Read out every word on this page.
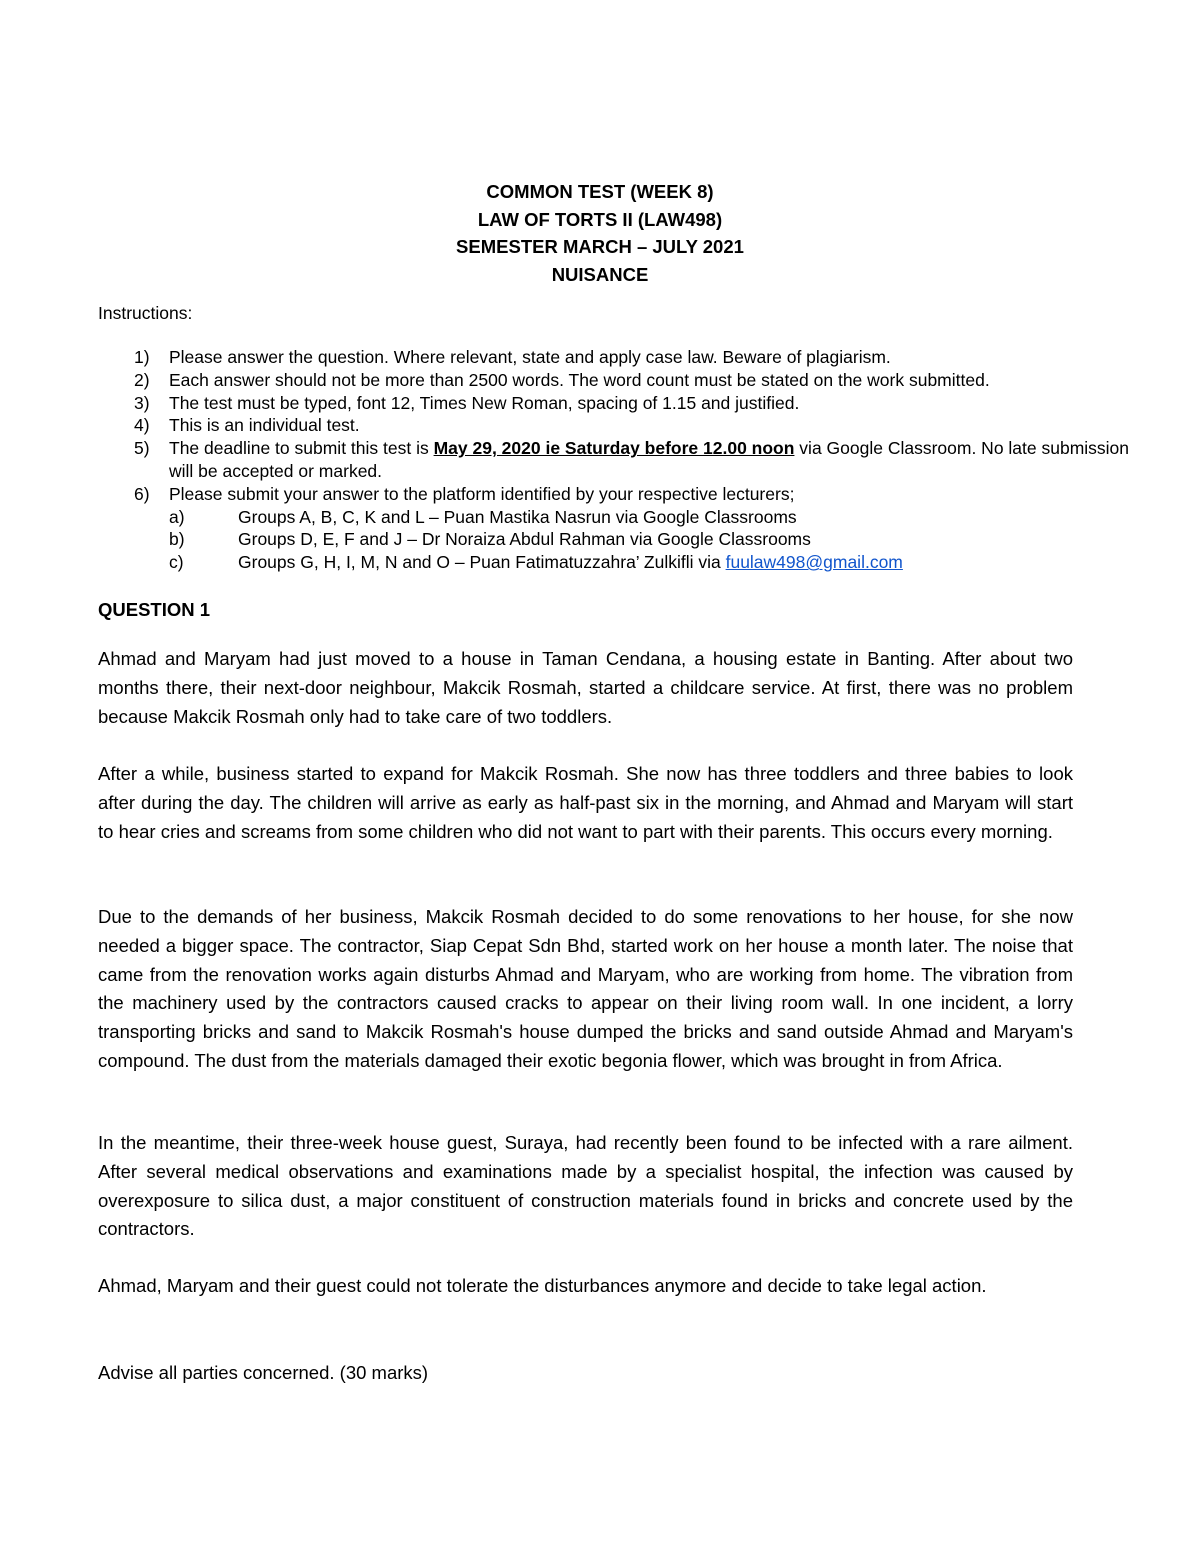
COMMON TEST (WEEK 8)
LAW OF TORTS II (LAW498)
SEMESTER MARCH – JULY 2021
NUISANCE
Instructions:
1)	Please answer the question. Where relevant, state and apply case law. Beware of plagiarism.
2)	Each answer should not be more than 2500 words. The word count must be stated on the work submitted.
3)	The test must be typed, font 12, Times New Roman, spacing of 1.15 and justified.
4)	This is an individual test.
5)	The deadline to submit this test is May 29, 2020 ie Saturday before 12.00 noon via Google Classroom. No late submission will be accepted or marked.
6)	Please submit your answer to the platform identified by your respective lecturers;
a)	Groups A, B, C, K and L – Puan Mastika Nasrun via Google Classrooms
b)	Groups D, E, F and J – Dr Noraiza Abdul Rahman via Google Classrooms
c)	Groups G, H, I, M, N and O – Puan Fatimatuzzahra’ Zulkifli via fuulaw498@gmail.com
QUESTION 1
Ahmad and Maryam had just moved to a house in Taman Cendana, a housing estate in Banting. After about two months there, their next-door neighbour, Makcik Rosmah, started a childcare service. At first, there was no problem because Makcik Rosmah only had to take care of two toddlers.
After a while, business started to expand for Makcik Rosmah. She now has three toddlers and three babies to look after during the day. The children will arrive as early as half-past six in the morning, and Ahmad and Maryam will start to hear cries and screams from some children who did not want to part with their parents. This occurs every morning.
Due to the demands of her business, Makcik Rosmah decided to do some renovations to her house, for she now needed a bigger space. The contractor, Siap Cepat Sdn Bhd, started work on her house a month later. The noise that came from the renovation works again disturbs Ahmad and Maryam, who are working from home. The vibration from the machinery used by the contractors caused cracks to appear on their living room wall. In one incident, a lorry transporting bricks and sand to Makcik Rosmah's house dumped the bricks and sand outside Ahmad and Maryam's compound. The dust from the materials damaged their exotic begonia flower, which was brought in from Africa.
In the meantime, their three-week house guest, Suraya, had recently been found to be infected with a rare ailment. After several medical observations and examinations made by a specialist hospital, the infection was caused by overexposure to silica dust, a major constituent of construction materials found in bricks and concrete used by the contractors.
Ahmad, Maryam and their guest could not tolerate the disturbances anymore and decide to take legal action.
Advise all parties concerned. (30 marks)
